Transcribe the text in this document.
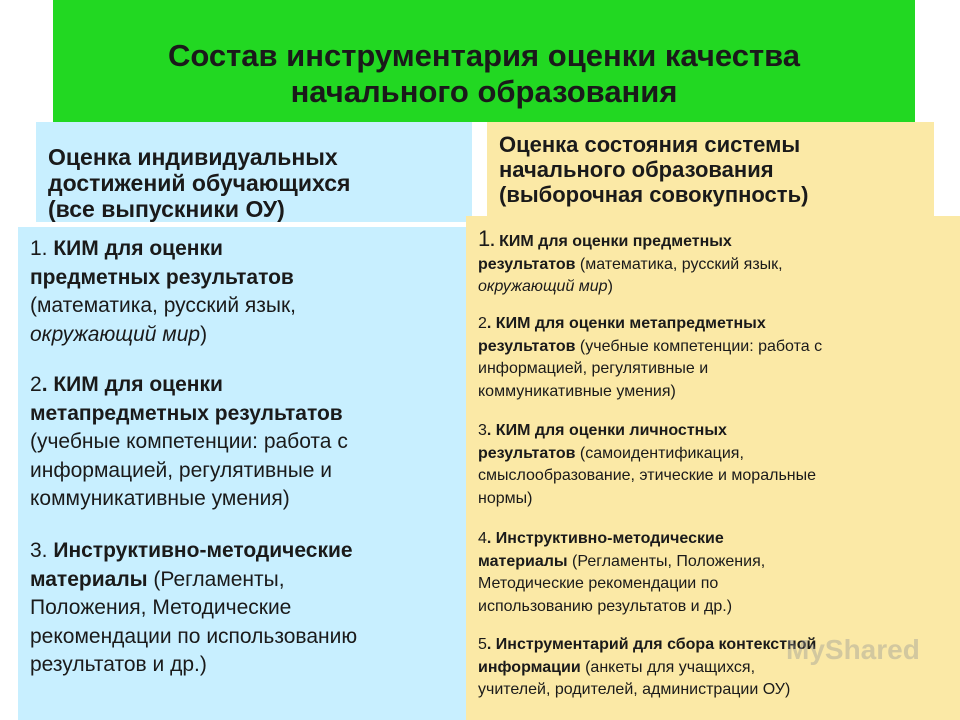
Состав инструментария оценки качества
начального образования
Оценка индивидуальных
достижений обучающихся
(все выпускники ОУ)
Оценка состояния системы
начального образования
(выборочная совокупность)
1. КИМ для оценки
предметных результатов
(математика, русский язык,
окружающий мир)
2. КИМ для оценки
метапредметных результатов
(учебные компетенции: работа с
информацией, регулятивные и
коммуникативные умения)
3. Инструктивно-методические
материалы (Регламенты,
Положения, Методические
рекомендации по использованию
результатов и др.)
1. КИМ для оценки предметных
результатов (математика, русский язык,
окружающий мир)
2. КИМ для оценки метапредметных
результатов (учебные компетенции: работа с
информацией, регулятивные и
коммуникативные умения)
3. КИМ для оценки личностных
результатов (самоидентификация,
смыслообразование, этические и моральные
нормы)
4. Инструктивно-методические
материалы (Регламенты, Положения,
Методические рекомендации по
использованию результатов и др.)
5. Инструментарий для сбора контекстной
информации (анкеты для учащихся,
учителей, родителей, администрации ОУ)
MyShared
